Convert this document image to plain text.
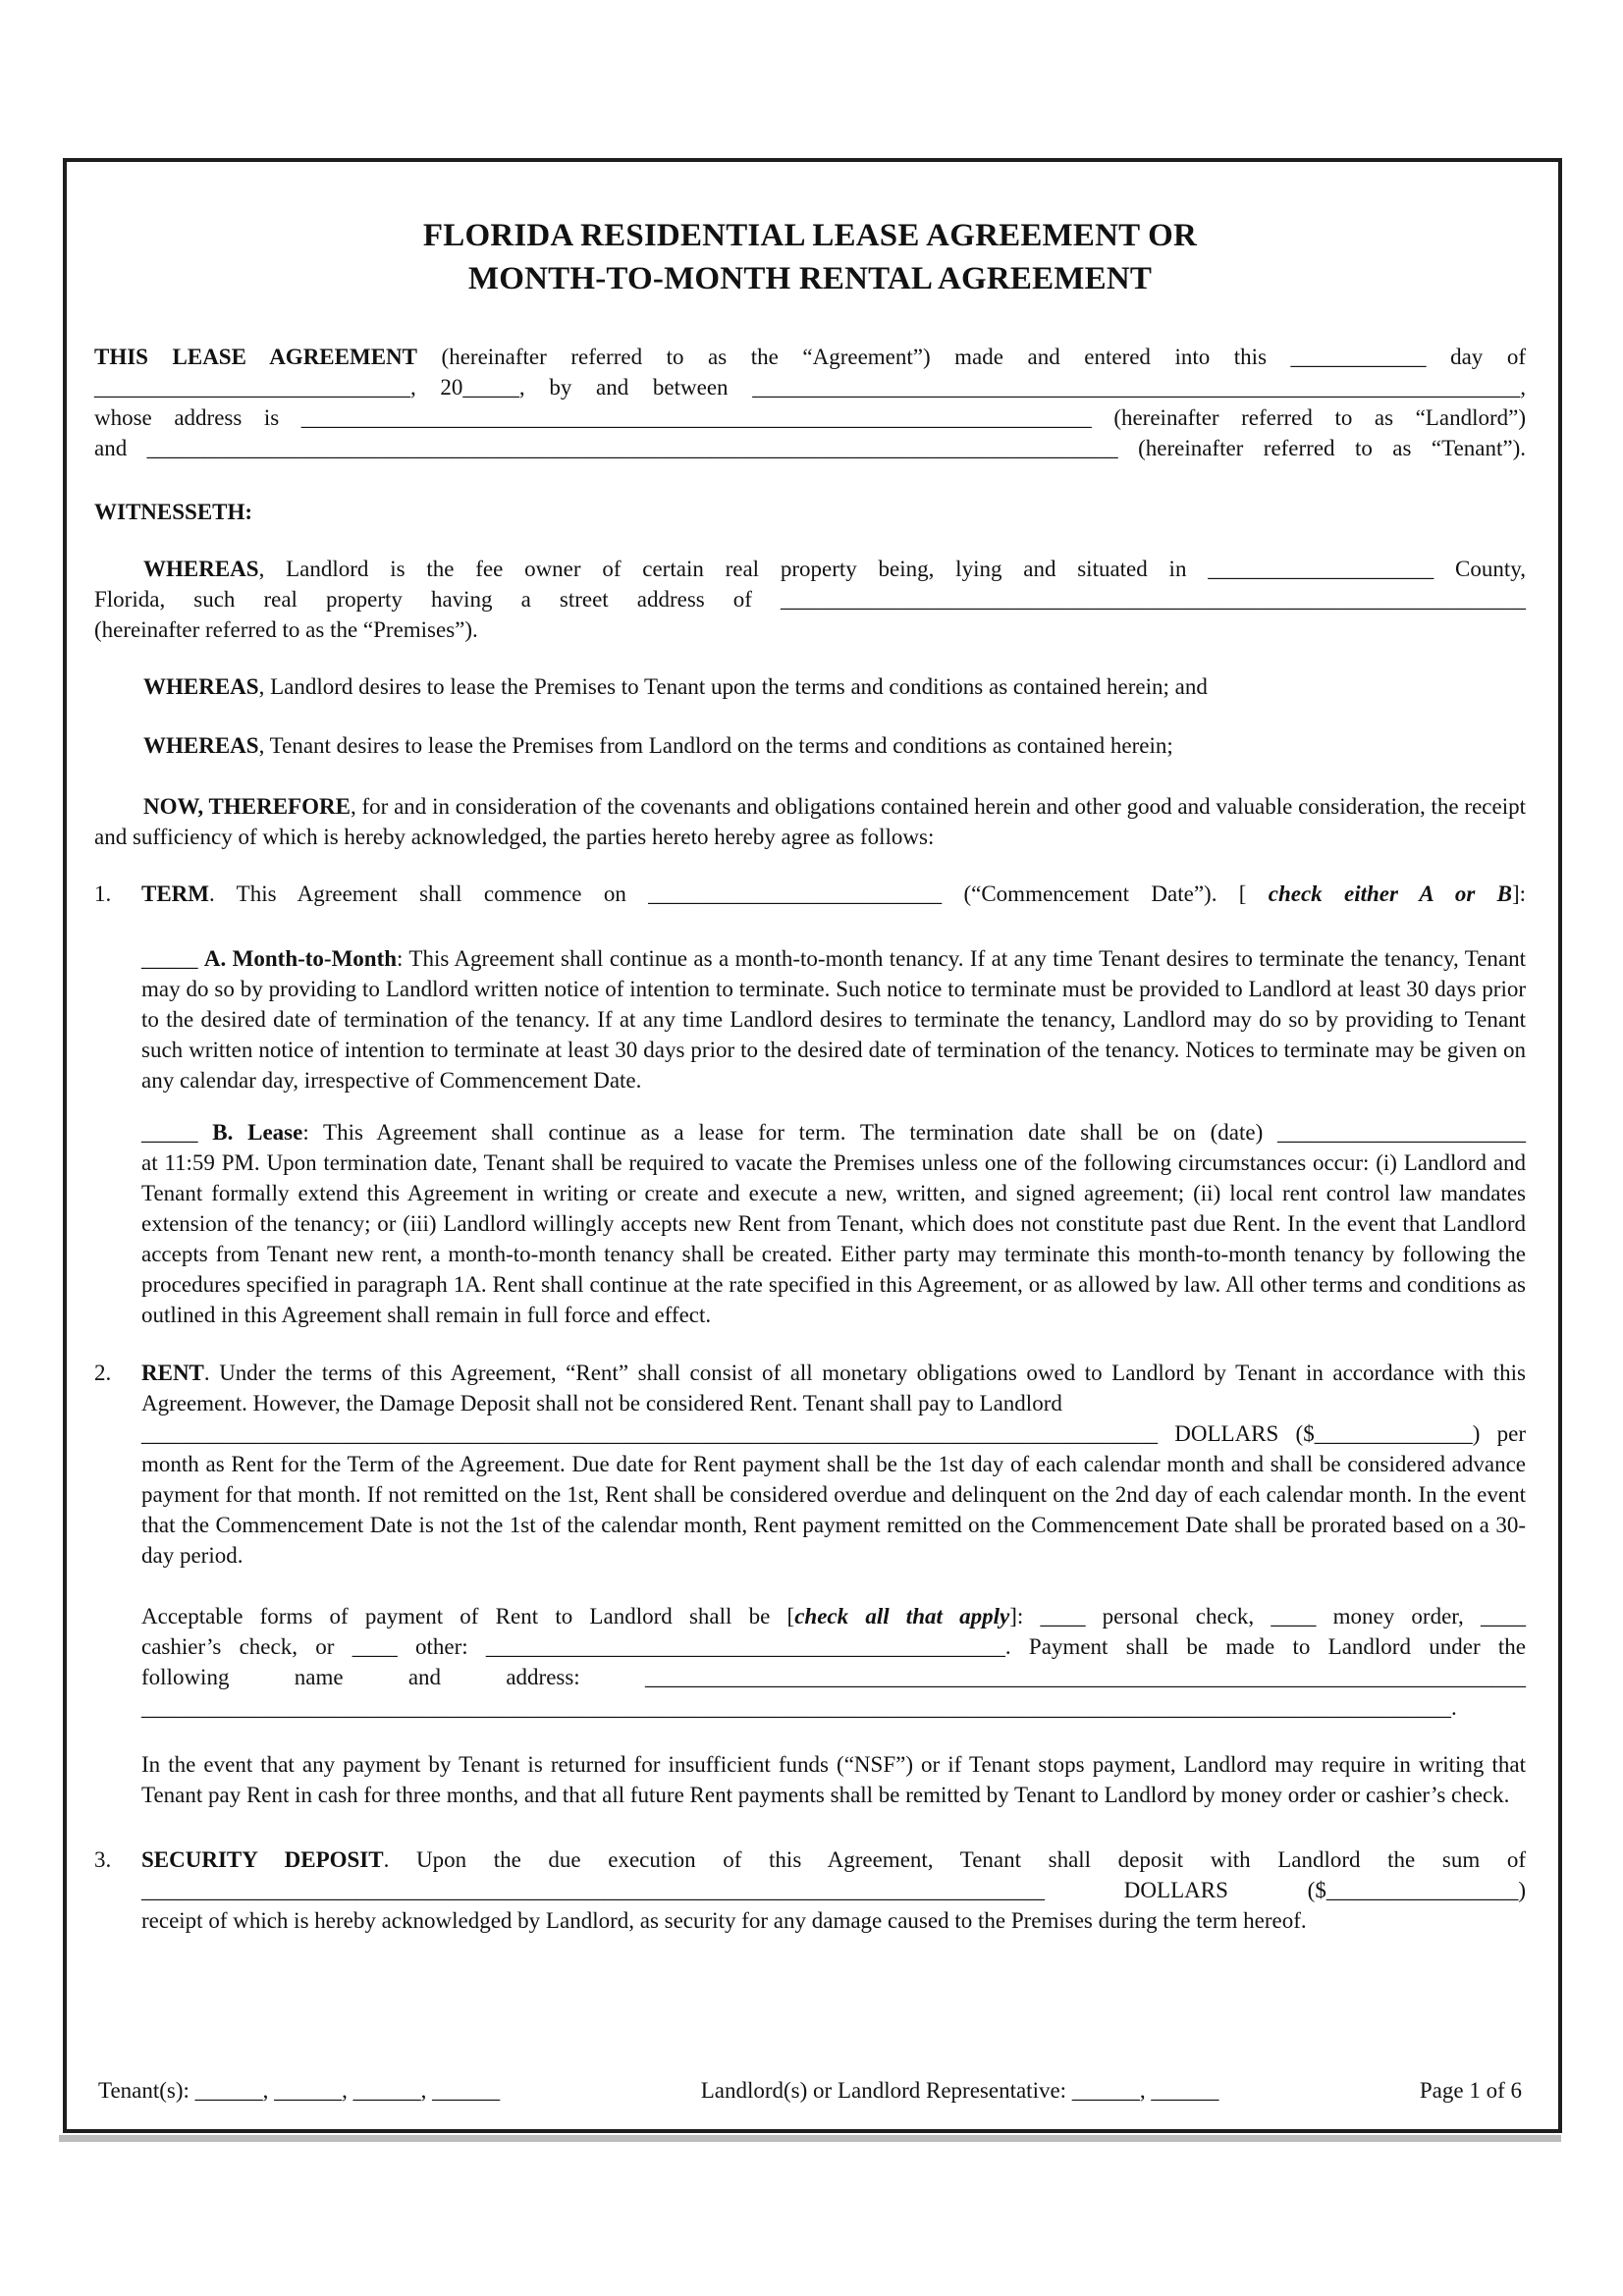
FLORIDA RESIDENTIAL LEASE AGREEMENT OR
MONTH-TO-MONTH RENTAL AGREEMENT
THIS LEASE AGREEMENT (hereinafter referred to as the “Agreement”) made and entered into this ____________ day of
____________________________, 20_____, by and between ____________________________________________________________________,
whose address is ______________________________________________________________________ (hereinafter referred to as “Landlord”)
and ______________________________________________________________________________________ (hereinafter referred to as “Tenant”).
WITNESSETH:
WHEREAS, Landlord is the fee owner of certain real property being, lying and situated in ____________________ County,
Florida, such real property having a street address of __________________________________________________________________
(hereinafter referred to as the “Premises”).
WHEREAS, Landlord desires to lease the Premises to Tenant upon the terms and conditions as contained herein; and
WHEREAS, Tenant desires to lease the Premises from Landlord on the terms and conditions as contained herein;
NOW, THEREFORE, for and in consideration of the covenants and obligations contained herein and other good and valuable consideration, the receipt and sufficiency of which is hereby acknowledged, the parties hereto hereby agree as follows:
1.	TERM. This Agreement shall commence on __________________________ (“Commencement Date”). [ check either A or B]:
_____ A. Month-to-Month: This Agreement shall continue as a month-to-month tenancy. If at any time Tenant desires to terminate the tenancy, Tenant may do so by providing to Landlord written notice of intention to terminate. Such notice to terminate must be provided to Landlord at least 30 days prior to the desired date of termination of the tenancy. If at any time Landlord desires to terminate the tenancy, Landlord may do so by providing to Tenant such written notice of intention to terminate at least 30 days prior to the desired date of termination of the tenancy. Notices to terminate may be given on any calendar day, irrespective of Commencement Date.
_____ B. Lease: This Agreement shall continue as a lease for term. The termination date shall be on (date) ______________________
at 11:59 PM. Upon termination date, Tenant shall be required to vacate the Premises unless one of the following circumstances occur: (i) Landlord and Tenant formally extend this Agreement in writing or create and execute a new, written, and signed agreement; (ii) local rent control law mandates extension of the tenancy; or (iii) Landlord willingly accepts new Rent from Tenant, which does not constitute past due Rent. In the event that Landlord accepts from Tenant new rent, a month-to-month tenancy shall be created. Either party may terminate this month-to-month tenancy by following the procedures specified in paragraph 1A. Rent shall continue at the rate specified in this Agreement, or as allowed by law. All other terms and conditions as outlined in this Agreement shall remain in full force and effect.
2.	RENT. Under the terms of this Agreement, “Rent” shall consist of all monetary obligations owed to Landlord by Tenant in accordance with this Agreement. However, the Damage Deposit shall not be considered Rent. Tenant shall pay to Landlord
__________________________________________________________________________________________ DOLLARS ($______________) per
month as Rent for the Term of the Agreement. Due date for Rent payment shall be the 1st day of each calendar month and shall be considered advance payment for that month. If not remitted on the 1st, Rent shall be considered overdue and delinquent on the 2nd day of each calendar month. In the event that the Commencement Date is not the 1st of the calendar month, Rent payment remitted on the Commencement Date shall be prorated based on a 30-day period.
Acceptable forms of payment of Rent to Landlord shall be [check all that apply]: ____ personal check, ____ money order, ____
cashier’s check, or ____ other: ______________________________________________. Payment shall be made to Landlord under the
following name and address: ______________________________________________________________________________
____________________________________________________________________________________________________________________.
In the event that any payment by Tenant is returned for insufficient funds (“NSF”) or if Tenant stops payment, Landlord may require in writing that Tenant pay Rent in cash for three months, and that all future Rent payments shall be remitted by Tenant to Landlord by money order or cashier’s check.
3.	SECURITY DEPOSIT. Upon the due execution of this Agreement, Tenant shall deposit with Landlord the sum of
________________________________________________________________________________ DOLLARS ($_________________)
receipt of which is hereby acknowledged by Landlord, as security for any damage caused to the Premises during the term hereof.
Tenant(s): ______, ______, ______, ______	Landlord(s) or Landlord Representative: ______, ______	Page 1 of 6
